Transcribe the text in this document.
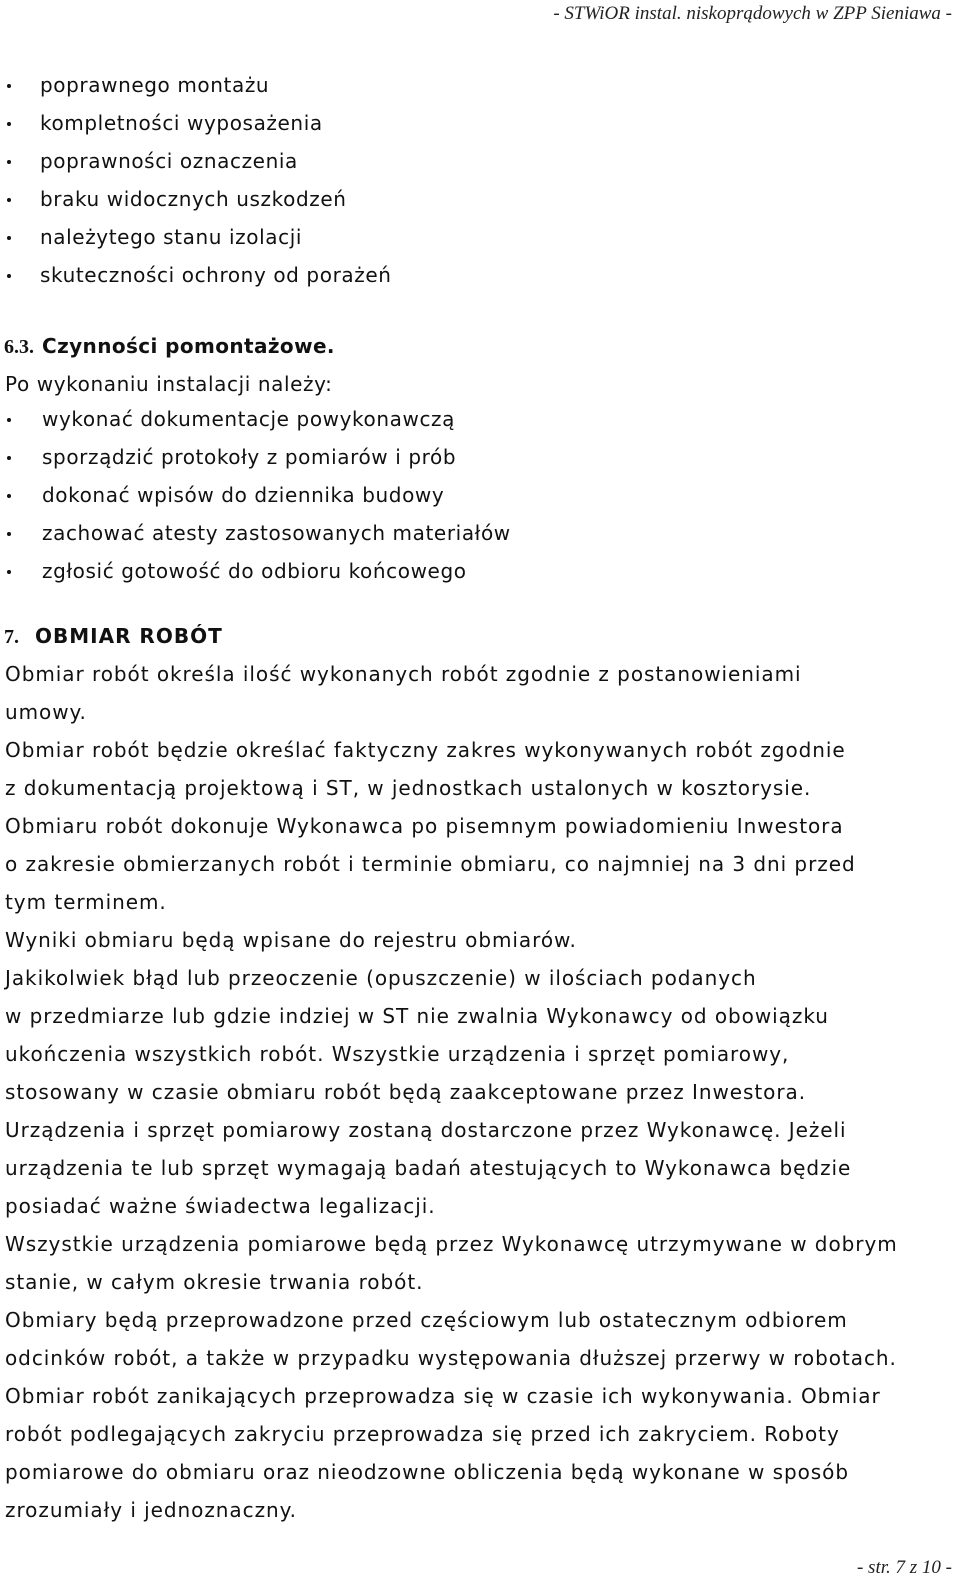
- STWiOR instal. niskoprądowych w ZPP Sieniawa -
poprawnego montażu
kompletności wyposażenia
poprawności oznaczenia
braku widocznych uszkodzeń
należytego stanu izolacji
skuteczności ochrony od porażeń
6.3. Czynności pomontażowe.
Po wykonaniu instalacji należy:
wykonać dokumentacje powykonawczą
sporządzić protokoły z pomiarów i prób
dokonać wpisów do dziennika budowy
zachować atesty zastosowanych materiałów
zgłosić gotowość do odbioru końcowego
7. OBMIAR ROBÓT
Obmiar robót określa ilość wykonanych robót zgodnie z postanowieniami
umowy.
Obmiar robót będzie określać faktyczny zakres wykonywanych robót zgodnie
z dokumentacją projektową i ST, w jednostkach ustalonych w kosztorysie.
Obmiaru robót dokonuje Wykonawca po pisemnym powiadomieniu Inwestora
o zakresie obmierzanych robót i terminie obmiaru, co najmniej na 3 dni przed
tym terminem.
Wyniki obmiaru będą wpisane do rejestru obmiarów.
Jakikolwiek błąd lub przeoczenie (opuszczenie) w ilościach podanych
w przedmiarze lub gdzie indziej w ST nie zwalnia Wykonawcy od obowiązku
ukończenia wszystkich robót. Wszystkie urządzenia i sprzęt pomiarowy,
stosowany w czasie obmiaru robót będą zaakceptowane przez Inwestora.
Urządzenia i sprzęt pomiarowy zostaną dostarczone przez Wykonawcę. Jeżeli
urządzenia te lub sprzęt wymagają badań atestujących to Wykonawca będzie
posiadać ważne świadectwa legalizacji.
Wszystkie urządzenia pomiarowe będą przez Wykonawcę utrzymywane w dobrym
stanie, w całym okresie trwania robót.
Obmiary będą przeprowadzone przed częściowym lub ostatecznym odbiorem
odcinków robót, a także w przypadku występowania dłuższej przerwy w robotach.
Obmiar robót zanikających przeprowadza się w czasie ich wykonywania. Obmiar
robót podlegających zakryciu przeprowadza się przed ich zakryciem. Roboty
pomiarowe do obmiaru oraz nieodzowne obliczenia będą wykonane w sposób
zrozumiały i jednoznaczny.
- str. 7 z 10 -
